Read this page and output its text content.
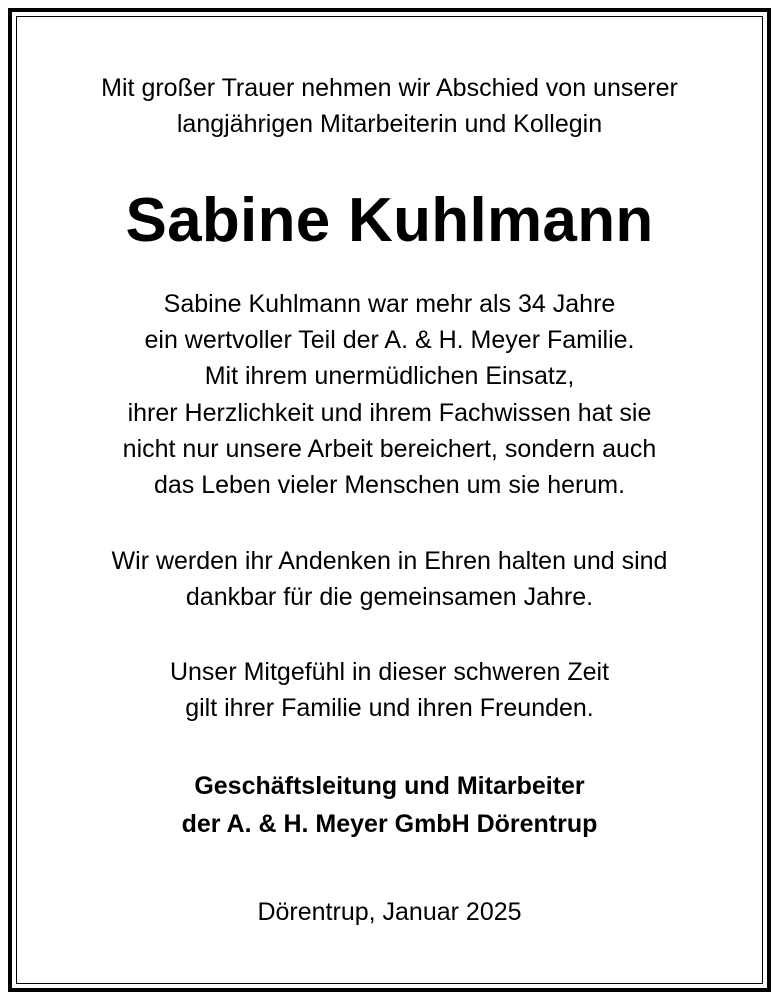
Mit großer Trauer nehmen wir Abschied von unserer
langjährigen Mitarbeiterin und Kollegin

Sabine Kuhlmann

Sabine Kuhlmann war mehr als 34 Jahre
ein wertvoller Teil der A. & H. Meyer Familie.
Mit ihrem unermüdlichen Einsatz,
ihrer Herzlichkeit und ihrem Fachwissen hat sie
nicht nur unsere Arbeit bereichert, sondern auch
das Leben vieler Menschen um sie herum.

Wir werden ihr Andenken in Ehren halten und sind
dankbar für die gemeinsamen Jahre.

Unser Mitgefühl in dieser schweren Zeit
gilt ihrer Familie und ihren Freunden.

Geschäftsleitung und Mitarbeiter
der A. & H. Meyer GmbH Dörentrup

Dörentrup, Januar 2025
